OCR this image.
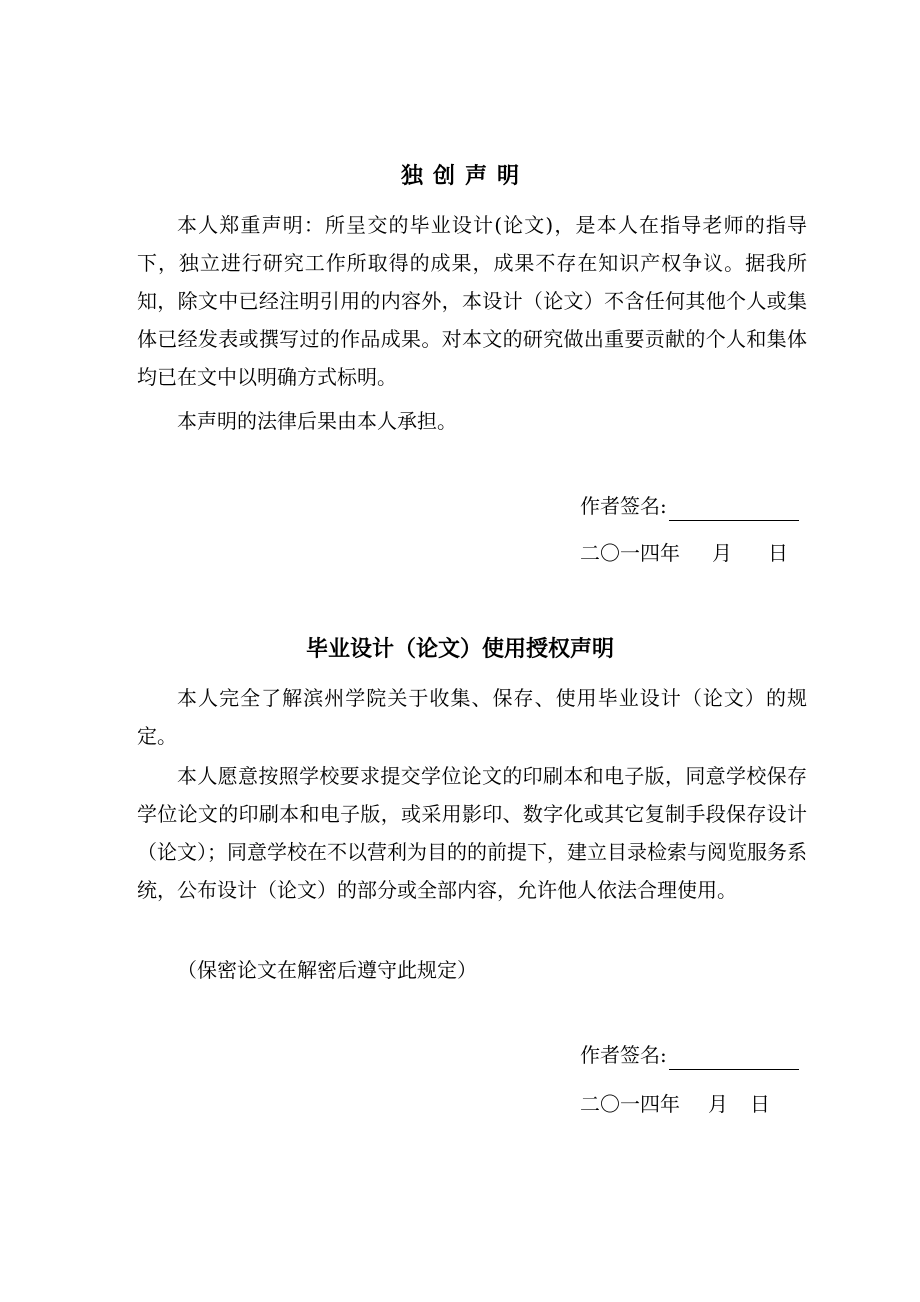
独创声明

本人郑重声明：所呈交的毕业设计(论文)，是本人在指导老师的指导下，独立进行研究工作所取得的成果，成果不存在知识产权争议。据我所知，除文中已经注明引用的内容外，本设计（论文）不含任何其他个人或集体已经发表或撰写过的作品成果。对本文的研究做出重要贡献的个人和集体均已在文中以明确方式标明。

本声明的法律后果由本人承担。

作者签名:
二〇一四年 月 日
毕业设计（论文）使用授权声明

本人完全了解滨州学院关于收集、保存、使用毕业设计（论文）的规定。

本人愿意按照学校要求提交学位论文的印刷本和电子版，同意学校保存学位论文的印刷本和电子版，或采用影印、数字化或其它复制手段保存设计（论文）；同意学校在不以营利为目的的前提下，建立目录检索与阅览服务系统，公布设计（论文）的部分或全部内容，允许他人依法合理使用。

（保密论文在解密后遵守此规定）

作者签名:
二〇一四年 月 日
